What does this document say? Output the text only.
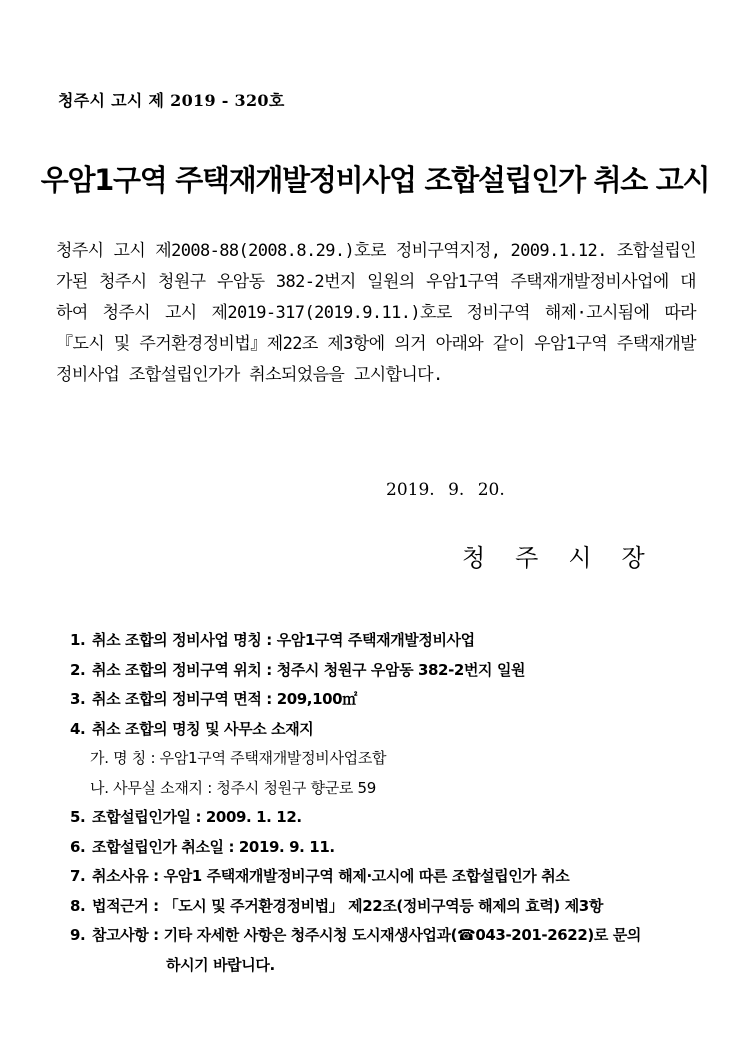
청주시 고시 제 2019 - 320호
우암1구역 주택재개발정비사업 조합설립인가 취소 고시
청주시 고시 제2008-88(2008.8.29.)호로 정비구역지정, 2009.1.12. 조합설립인가된 청주시 청원구 우암동 382-2번지 일원의 우암1구역 주택재개발정비사업에 대하여 청주시 고시 제2019-317(2019.9.11.)호로 정비구역 해제·고시됨에 따라『도시 및 주거환경정비법』제22조 제3항에 의거 아래와 같이 우암1구역 주택재개발정비사업 조합설립인가가 취소되었음을 고시합니다.
2019. 9. 20.
청주시장
1. 취소 조합의 정비사업 명칭 : 우암1구역 주택재개발정비사업
2. 취소 조합의 정비구역 위치 : 청주시 청원구 우암동 382-2번지 일원
3. 취소 조합의 정비구역 면적 : 209,100㎡
4. 취소 조합의 명칭 및 사무소 소재지
가. 명 칭 : 우암1구역 주택재개발정비사업조합
나. 사무실 소재지 : 청주시 청원구 향군로 59
5. 조합설립인가일 : 2009. 1. 12.
6. 조합설립인가 취소일 : 2019. 9. 11.
7. 취소사유 : 우암1 주택재개발정비구역 해제·고시에 따른 조합설립인가 취소
8. 법적근거 : 「도시 및 주거환경정비법」 제22조(정비구역등 해제의 효력) 제3항
9. 참고사항 : 기타 자세한 사항은 청주시청 도시재생사업과(☎043-201-2622)로 문의
하시기 바랍니다.
